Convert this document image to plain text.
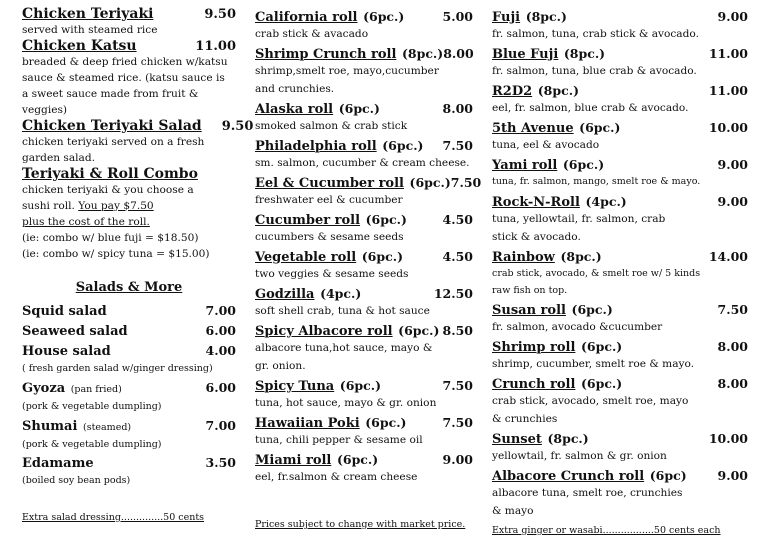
Chicken Teriyaki	9.50
served with steamed rice
Chicken Katsu	11.00
breaded & deep fried chicken w/katsu
sauce & steamed rice. (katsu sauce is
a sweet sauce made from fruit &
veggies)
Chicken Teriyaki Salad 9.50
chicken teriyaki served on a fresh
garden salad.
Teriyaki & Roll Combo
chicken teriyaki & you choose a
sushi roll. You pay $7.50
plus the cost of the roll.
(ie: combo w/ blue fuji = $18.50)
(ie: combo w/ spicy tuna = $15.00)
Salads & More
Squid salad	7.00
Seaweed salad	6.00
House salad	4.00
( fresh garden salad w/ginger dressing)
Gyoza (pan fried)	6.00
(pork & vegetable dumpling)
Shumai (steamed)	7.00
(pork & vegetable dumpling)
Edamame	3.50
(boiled soy bean pods)
Extra salad dressing..............50 cents
California roll (6pc.)	5.00
crab stick & avacado
Shrimp Crunch roll (8pc.) 8.00
shrimp,smelt roe, mayo,cucumber
and crunchies.
Alaska roll (6pc.)	8.00
smoked salmon & crab stick
Philadelphia roll (6pc.) 7.50
sm. salmon, cucumber & cream cheese.
Eel & Cucumber roll (6pc.) 7.50
freshwater eel & cucumber
Cucumber roll (6pc.)	4.50
cucumbers & sesame seeds
Vegetable roll (6pc.)	4.50
two veggies & sesame seeds
Godzilla (4pc.)	12.50
soft shell crab, tuna & hot sauce
Spicy Albacore roll (6pc.) 8.50
albacore tuna,hot sauce, mayo &
gr. onion.
Spicy Tuna (6pc.)	7.50
tuna, hot sauce, mayo & gr. onion
Hawaiian Poki (6pc.)	7.50
tuna, chili pepper & sesame oil
Miami roll (6pc.)	9.00
eel, fr.salmon & cream cheese
Prices subject to change with market price.
Fuji (8pc.)	9.00
fr. salmon, tuna, crab stick & avocado.
Blue Fuji (8pc.)	11.00
fr. salmon, tuna, blue crab & avocado.
R2D2 (8pc.)	11.00
eel, fr. salmon, blue crab & avocado.
5th Avenue (6pc.)	10.00
tuna, eel & avocado
Yami roll (6pc.)	9.00
tuna, fr. salmon, mango, smelt roe & mayo.
Rock-N-Roll (4pc.)	9.00
tuna, yellowtail, fr. salmon, crab
stick & avocado.
Rainbow (8pc.)	14.00
crab stick, avocado, & smelt roe w/ 5 kinds
raw fish on top.
Susan roll (6pc.)	7.50
fr. salmon, avocado &cucumber
Shrimp roll (6pc.)	8.00
shrimp, cucumber, smelt roe & mayo.
Crunch roll (6pc.)	8.00
crab stick, avocado, smelt roe, mayo
& crunchies
Sunset (8pc.)	10.00
yellowtail, fr. salmon & gr. onion
Albacore Crunch roll (6pc) 9.00
albacore tuna, smelt roe, crunchies
& mayo
Extra ginger or wasabi.................50 cents each
